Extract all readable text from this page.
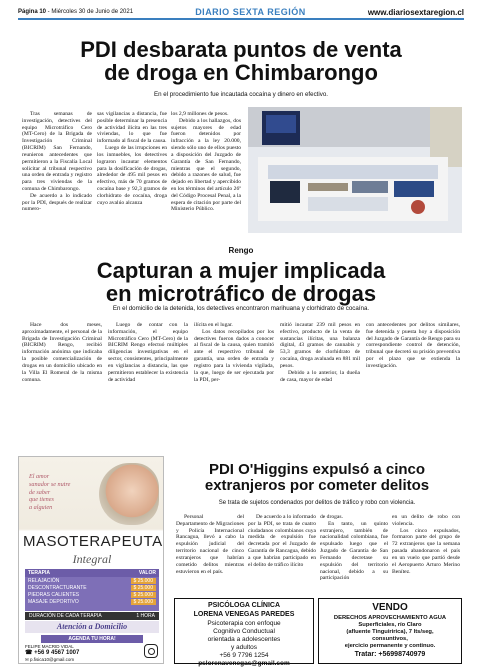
Página 10 - Miércoles 30 de Junio de 2021	DIARIO SEXTA REGIÓN	www.diariosextaregion.cl
PDI desbarata puntos de venta
de droga en Chimbarongo
En el procedimiento fue incautada cocaína y dinero en efectivo.

Tras semanas de investigación, detectives del equipo Microtráfico Cero (MT-Cero) de la Brigada de Investigación Criminal (BICRIM) San Fernando, reunieron antecedentes que permitieron a la Fiscalía Local solicitar al tribunal respectivo una orden de entrada y registro para tres viviendas de la comuna de Chimbarongo.

De acuerdo a lo indicado por la PDI, después de realizar numero-

sas vigilancias a distancia, fue posible determinar la presencia de actividad ilícita en las tres viviendas, lo que fue informado al fiscal de la causa.

Luego de las irrupciones en los inmuebles, los detectives lograron incautar elementos para la dosificación de drogas, alrededor de 495 mil pesos en efectivo, más de 70 gramos de cocaína base y 92,3 gramos de clorhidrato de cocaína, droga cuyo avalúo alcanza

los 2,9 millones de pesos.

Debido a los hallazgos, dos sujetos mayores de edad fueron detenidos por infracción a la ley 20.000, siendo sólo uno de ellos puesto a disposición del Juzgado de Garantía de San Fernando, mientras que el segundo, debido a razones de salud, fue dejado en libertad y apercibido en los términos del artículo 26º del Código Procesal Penal, a la espera de citación por parte del Ministerio Público.

Rengo
Capturan a mujer implicada
en microtráfico de drogas
En el domicilio de la detenida, los detectives encontraron marihuana y clorhidrato de cocaína.

Hace dos meses, aproximadamente, el personal de la Brigada de Investigación Criminal (BICRIM) Rengo, recibió información anónima que indicaba la posible comercialización de drogas en un domicilio ubicado en la Villa El Romeral de la misma comuna.

Luego de contar con la información, el equipo Microtráfico Cero (MT-Cero) de la BICRIM Rengo efectuó múltiples diligencias investigativas en el sector, consistentes, principalmente en vigilancias a distancia, las que permitieron establecer la existencia de actividad

ilícita en el lugar.

Los datos recopilados por los detectives fueron dados a conocer al fiscal de la causa, quien tramitó ante el respectivo tribunal de garantía, una orden de entrada y registro para la vivienda vigilada, la que, luego de ser ejecutada por la PDI, per-

mitió incautar 239 mil pesos en efectivo, producto de la venta de sustancias ilícitas, una balanza digital, 43 gramos de cannabis y 53,3 gramos de clorhidrato de cocaína, droga avaluada en 881 mil pesos.

Debido a lo anterior, la dueña de casa, mayor de edad

con antecedentes por delitos similares, fue detenida y puesta hoy a disposición del Juzgado de Garantía de Rengo para su correspondiente control de detención, tribunal que decretó su prisión preventiva por el plazo que se extienda la investigación.

El amor
sanador se nutre
de saber
que tienes
a alguien
MASOTERAPEUTA
Integral
TERAPIA	VALOR
RELAJACIÓN	$ 25.000
DESCONTRACTURANTE	$ 25.000
PIEDRAS CALIENTES	$ 25.000
MASAJE DEPORTIVO	$ 25.000
DURACIÓN DE CADA TERAPIA	1 HORA
Atención a Domicilio
AGENDA TU HORA!
FELIPE MACRID VIDAL
☎ +56 9 4567 1007
✉ p.fisica10@gmail.com
PDI O'Higgins expulsó a cinco
extranjeros por cometer delitos
Se trata de sujetos condenados por delitos de tráfico y robo con violencia.

Personal del Departamento de Migraciones y Policía Internacional Rancagua, llevó a cabo la expulsión judicial del territorio nacional de cinco extranjeros que habrían cometido delitos mientras estuvieron en el país.

De acuerdo a lo informado por la PDI, se trata de cuatro ciudadanos colombianos cuya medida de expulsión fue decretada por el Juzgado de Garantía de Rancagua, debido a que habrían participado en el delito de tráfico ilícito

de drogas.

En tanto, un quinto extranjero, también de nacionalidad colombiana, fue expulsado luego que el Juzgado de Garantía de San Fernando decretase su expulsión del territorio nacional, debido a su participación

en un delito de robo con violencia.

Los cinco expulsados, formaron parte del grupo de 72 extranjeros que la semana pasada abandonaron el país en un vuelo que partió desde el Aeropuerto Arturo Merino Benítez.

PSICÓLOGA CLÍNICA
LORENA VENEGAS PAREDES
Psicoterapia con enfoque
Cognitivo Conductual
orientada a adolescentes
y adultos
+56 9 7796 1254
pslorenаvenegas@gmail.com
VENDO
DERECHOS APROVECHAMIENTO AGUA
Superficiales, río Claro
(afluente Tinguiririca), 7 lts/seg,
consuntivos,
ejercicio permanente y continuo.
Tratar: +56998740979
